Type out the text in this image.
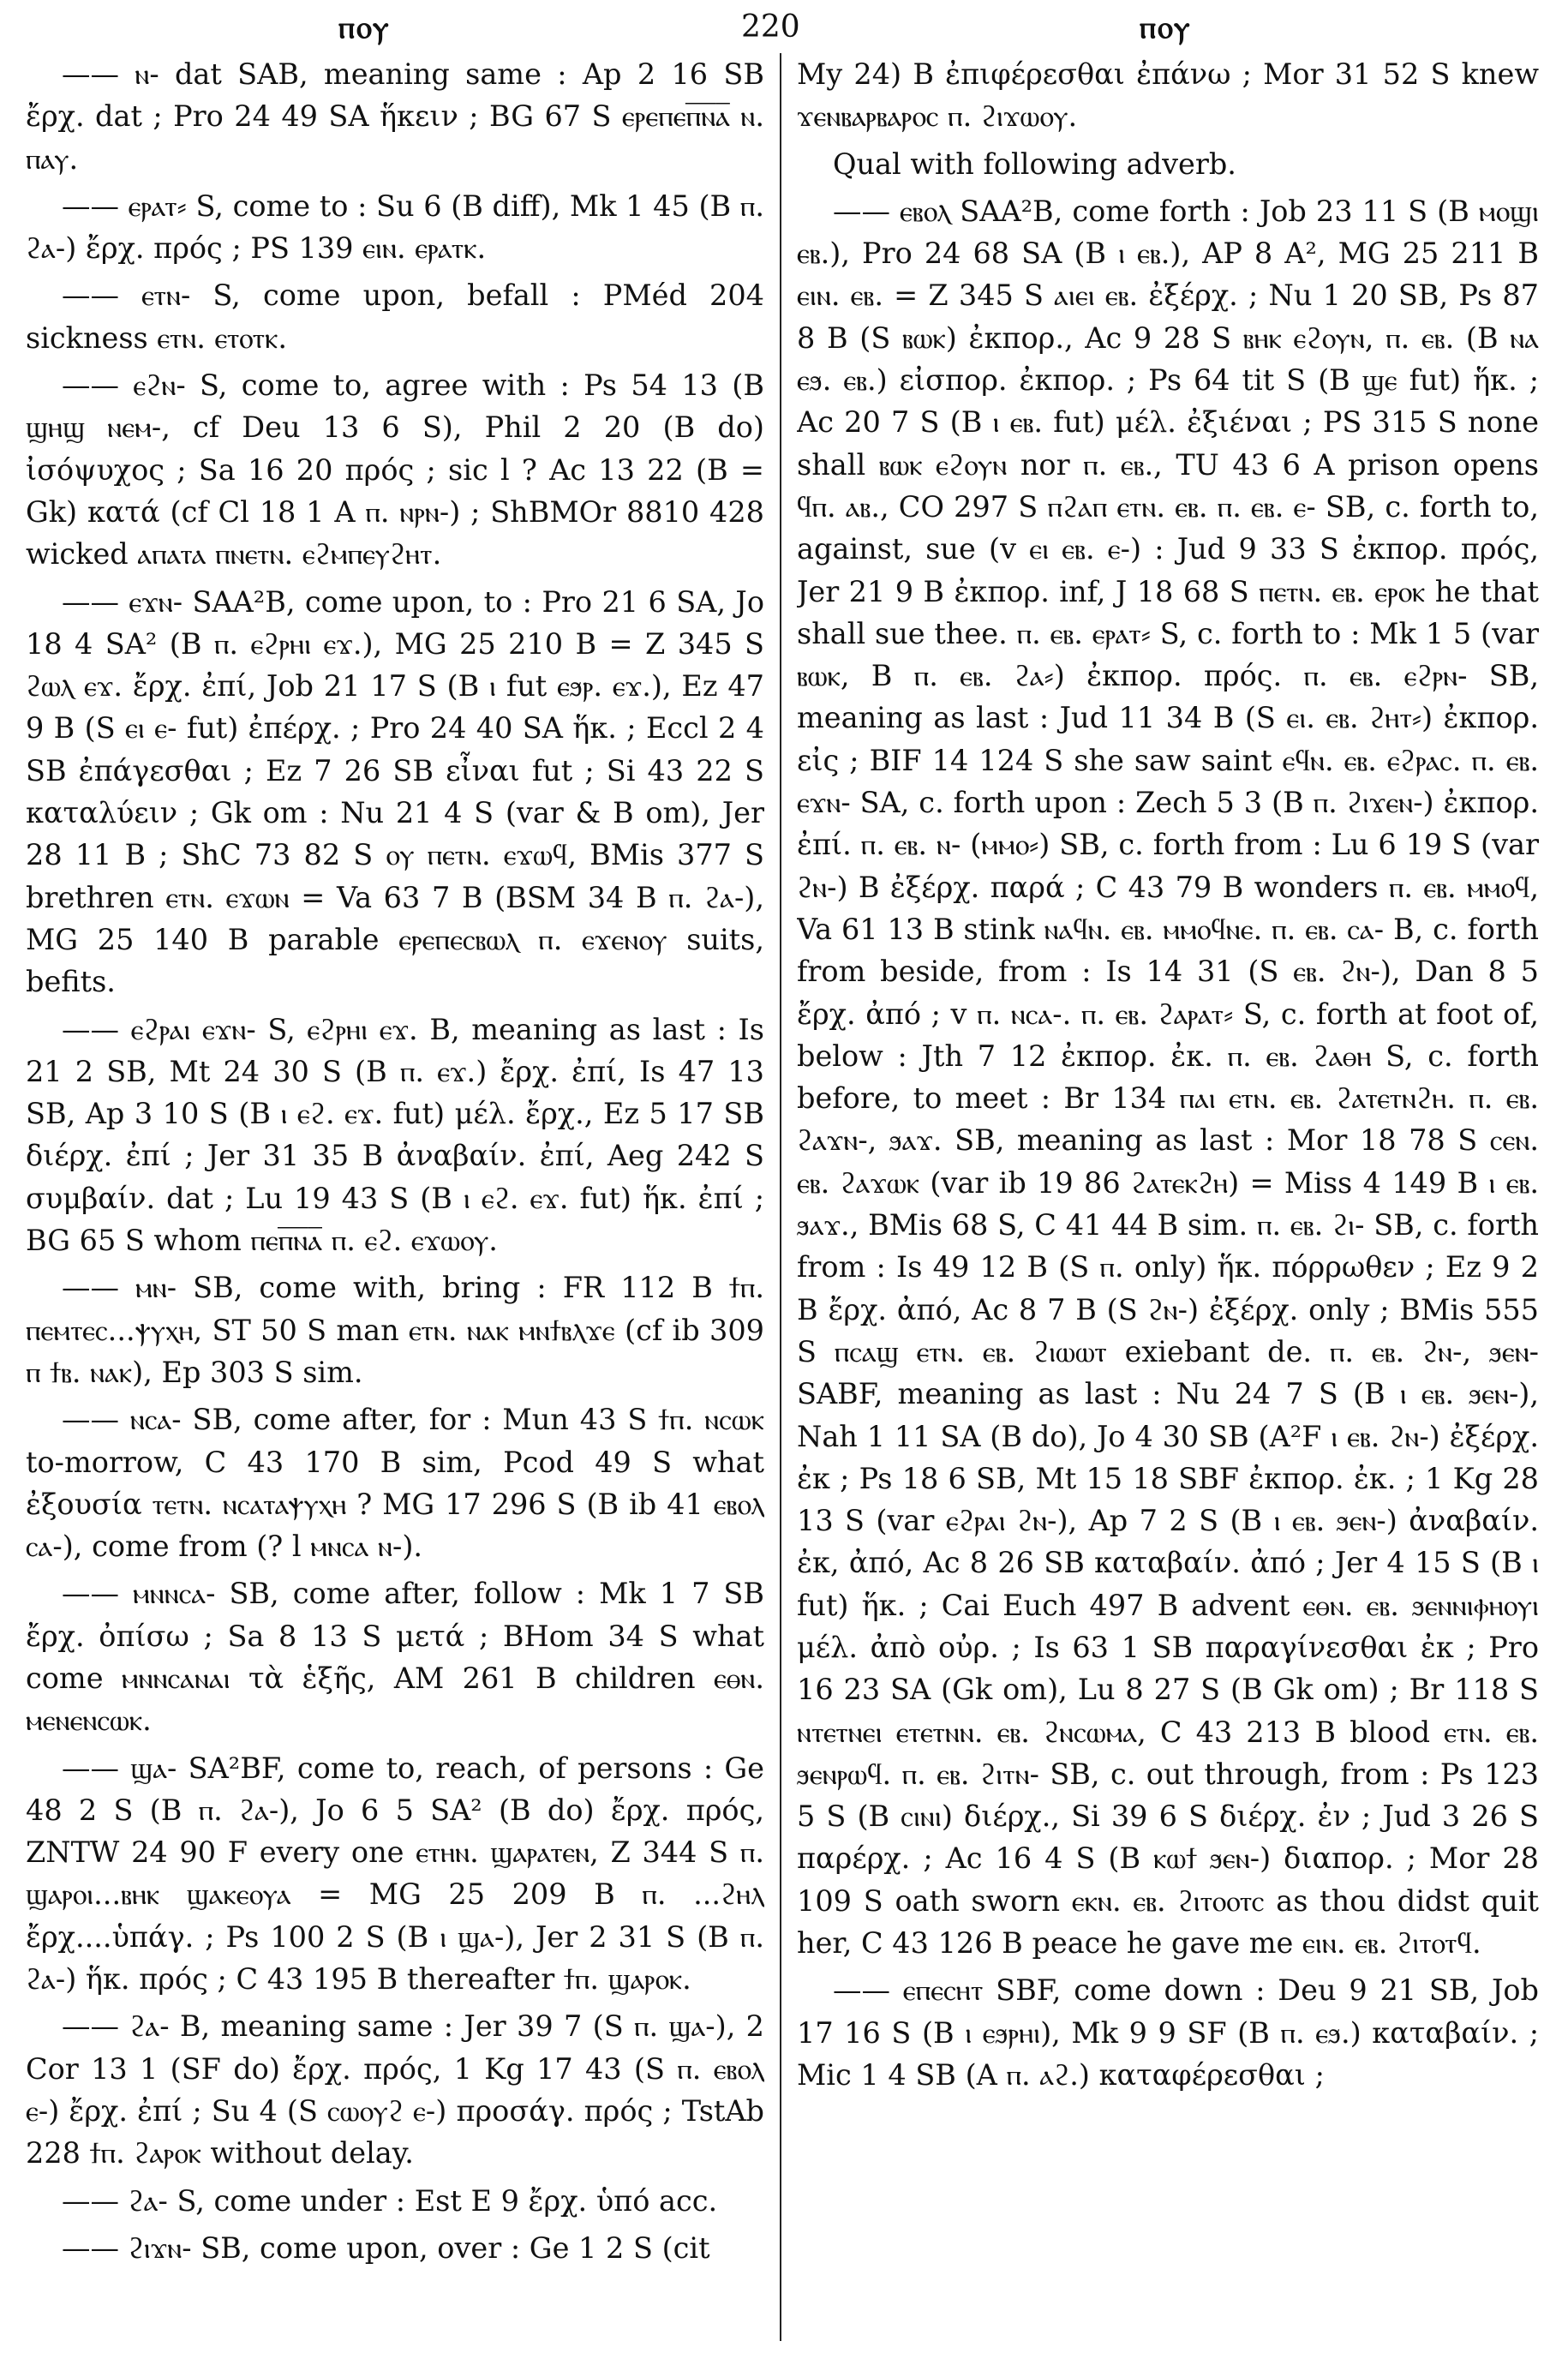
ⲡⲟⲩ	220	ⲡⲟⲩ

—— ⲛ- dat SAB, meaning same : Ap 2 16 SB ἔρχ. dat ; Pro 24 49 SA ἥκειν ; BG 67 S ⲉⲣⲉⲡⲉⲡ̅ⲛ̅ⲁ̅ ⲛ. ⲡⲁⲩ.

—— ⲉⲣⲁⲧ⸗ S, come to : Su 6 (B diff), Mk 1 45 (B ⲡ. ϩⲁ-) ἔρχ. πρός ; PS 139 ⲉⲓⲛ. ⲉⲣⲁⲧⲕ.

—— ⲉⲧⲛ- S, come upon, befall : PMéd 204 sickness ⲉⲧⲛ. ⲉⲧⲟⲧⲕ.

—— ⲉϩⲛ- S, come to, agree with : Ps 54 13 (B ϣⲏϣ ⲛⲉⲙ-, cf Deu 13 6 S), Phil 2 20 (B do) ἰσόψυχος ; Sa 16 20 πρός ; sic l ? Ac 13 22 (B = Gk) κατά (cf Cl 18 1 A ⲡ. ⲛⲣⲛ-) ; ShBMOr 8810 428 wicked ⲁⲡⲁⲧⲁ ⲡⲛⲉⲧⲛ. ⲉϩⲙⲡⲉⲩϩⲏⲧ.

—— ⲉϫⲛ- SAA²B, come upon, to : Pro 21 6 SA, Jo 18 4 SA² (B ⲡ. ⲉϩⲣⲏⲓ ⲉϫ.), MG 25 210 B = Z 345 S ϩⲱⲗ ⲉϫ. ἔρχ. ἐπί, Job 21 17 S (B ⲓ fut ⲉϧⲣ. ⲉϫ.), Ez 47 9 B (S ⲉⲓ ⲉ- fut) ἐπέρχ. ; Pro 24 40 SA ἥκ. ; Eccl 2 4 SB ἐπάγεσθαι ; Ez 7 26 SB εἶναι fut ; Si 43 22 S καταλύειν ; Gk om : Nu 21 4 S (var & B om), Jer 28 11 B ; ShC 73 82 S ⲟⲩ ⲡⲉⲧⲛ. ⲉϫⲱϥ, BMis 377 S brethren ⲉⲧⲛ. ⲉϫⲱⲛ = Va 63 7 B (BSM 34 B ⲡ. ϩⲁ-), MG 25 140 B parable ⲉⲣⲉⲡⲉⲥⲃⲱⲗ ⲡ. ⲉϫⲉⲛⲟⲩ suits, befits.

—— ⲉϩⲣⲁⲓ ⲉϫⲛ- S, ⲉϩⲣⲏⲓ ⲉϫ. B, meaning as last : Is 21 2 SB, Mt 24 30 S (B ⲡ. ⲉϫ.) ἔρχ. ἐπί, Is 47 13 SB, Ap 3 10 S (B ⲓ ⲉϩ. ⲉϫ. fut) μέλ. ἔρχ., Ez 5 17 SB διέρχ. ἐπί ; Jer 31 35 B ἀναβαίν. ἐπί, Aeg 242 S συμβαίν. dat ; Lu 19 43 S (B ⲓ ⲉϩ. ⲉϫ. fut) ἥκ. ἐπί ; BG 65 S whom ⲡⲉⲡ̅ⲛ̅ⲁ̅ ⲡ. ⲉϩ. ⲉϫⲱⲟⲩ.

—— ⲙⲛ- SB, come with, bring : FR 112 B ϯⲡ. ⲡⲉⲙⲧⲉⲥ...ⲯⲩⲭⲏ, ST 50 S man ⲉⲧⲛ. ⲛⲁⲕ ⲙⲛϯⲃⲗϫⲉ (cf ib 309 ⲡ ϯⲃ. ⲛⲁⲕ), Ep 303 S sim.

—— ⲛⲥⲁ- SB, come after, for : Mun 43 S ϯⲡ. ⲛⲥⲱⲕ to-morrow, C 43 170 B sim, Pcod 49 S what ἐξουσία ⲧⲉⲧⲛ. ⲛⲥⲁⲧⲁⲯⲩⲭⲏ ? MG 17 296 S (B ib 41 ⲉⲃⲟⲗ ⲥⲁ-), come from (? l ⲙⲛⲥⲁ ⲛ-).

—— ⲙⲛⲛⲥⲁ- SB, come after, follow : Mk 1 7 SB ἔρχ. ὀπίσω ; Sa 8 13 S μετά ; BHom 34 S what come ⲙⲛⲛⲥⲁⲛⲁⲓ τὰ ἑξῆς, AM 261 B children ⲉⲑⲛ. ⲙⲉⲛⲉⲛⲥⲱⲕ.

—— ϣⲁ- SA²BF, come to, reach, of persons : Ge 48 2 S (B ⲡ. ϩⲁ-), Jo 6 5 SA² (B do) ἔρχ. πρός, ZNTW 24 90 F every one ⲉⲧⲏⲛ. ϣⲁⲣⲁⲧⲉⲛ, Z 344 S ⲡ. ϣⲁⲣⲟⲓ...ⲃⲏⲕ ϣⲁⲕⲉⲟⲩⲁ = MG 25 209 B ⲡ. ...ϩⲏⲗ ἔρχ....ὑπάγ. ; Ps 100 2 S (B ⲓ ϣⲁ-), Jer 2 31 S (B ⲡ. ϩⲁ-) ἥκ. πρός ; C 43 195 B thereafter ϯⲡ. ϣⲁⲣⲟⲕ.

—— ϩⲁ- B, meaning same : Jer 39 7 (S ⲡ. ϣⲁ-), 2 Cor 13 1 (SF do) ἔρχ. πρός, 1 Kg 17 43 (S ⲡ. ⲉⲃⲟⲗ ⲉ-) ἔρχ. ἐπί ; Su 4 (S ⲥⲱⲟⲩϩ ⲉ-) προσάγ. πρός ; TstAb 228 ϯⲡ. ϩⲁⲣⲟⲕ without delay.

—— ϩⲁ- S, come under : Est E 9 ἔρχ. ὑπό acc.

—— ϩⲓϫⲛ- SB, come upon, over : Ge 1 2 S (cit

My 24) B ἐπιφέρεσθαι ἐπάνω ; Mor 31 52 S knew ϫⲉⲛⲃⲁⲣⲃⲁⲣⲟⲥ ⲡ. ϩⲓϫⲱⲟⲩ.

Qual with following adverb.

—— ⲉⲃⲟⲗ SAA²B, come forth : Job 23 11 S (B ⲙⲟϣⲓ ⲉⲃ.), Pro 24 68 SA (B ⲓ ⲉⲃ.), AP 8 A², MG 25 211 B ⲉⲓⲛ. ⲉⲃ. = Z 345 S ⲁⲓⲉⲓ ⲉⲃ. ἐξέρχ. ; Nu 1 20 SB, Ps 87 8 B (S ⲃⲱⲕ) ἐκπορ., Ac 9 28 S ⲃⲏⲕ ⲉϩⲟⲩⲛ, ⲡ. ⲉⲃ. (B ⲛⲁ ⲉϧ. ⲉⲃ.) εἰσπορ. ἐκπορ. ; Ps 64 tit S (B ϣⲉ fut) ἥκ. ; Ac 20 7 S (B ⲓ ⲉⲃ. fut) μέλ. ἐξιέναι ; PS 315 S none shall ⲃⲱⲕ ⲉϩⲟⲩⲛ nor ⲡ. ⲉⲃ., TU 43 6 A prison opens ϥⲡ. ⲁⲃ., CO 297 S ⲡϩⲁⲡ ⲉⲧⲛ. ⲉⲃ. ⲡ. ⲉⲃ. ⲉ- SB, c. forth to, against, sue (v ⲉⲓ ⲉⲃ. ⲉ-) : Jud 9 33 S ἐκπορ. πρός, Jer 21 9 B ἐκπορ. inf, J 18 68 S ⲡⲉⲧⲛ. ⲉⲃ. ⲉⲣⲟⲕ he that shall sue thee. ⲡ. ⲉⲃ. ⲉⲣⲁⲧ⸗ S, c. forth to : Mk 1 5 (var ⲃⲱⲕ, B ⲡ. ⲉⲃ. ϩⲁ⸗) ἐκπορ. πρός. ⲡ. ⲉⲃ. ⲉϩⲣⲛ- SB, meaning as last : Jud 11 34 B (S ⲉⲓ. ⲉⲃ. ϩⲏⲧ⸗) ἐκπορ. εἰς ; BIF 14 124 S she saw saint ⲉϥⲛ. ⲉⲃ. ⲉϩⲣⲁⲥ. ⲡ. ⲉⲃ. ⲉϫⲛ- SA, c. forth upon : Zech 5 3 (B ⲡ. ϩⲓϫⲉⲛ-) ἐκπορ. ἐπί. ⲡ. ⲉⲃ. ⲛ- (ⲙⲙⲟ⸗) SB, c. forth from : Lu 6 19 S (var ϩⲛ-) B ἐξέρχ. παρά ; C 43 79 B wonders ⲡ. ⲉⲃ. ⲙⲙⲟϥ, Va 61 13 B stink ⲛⲁϥⲛ. ⲉⲃ. ⲙⲙⲟϥⲛⲉ. ⲡ. ⲉⲃ. ⲥⲁ- B, c. forth from beside, from : Is 14 31 (S ⲉⲃ. ϩⲛ-), Dan 8 5 ἔρχ. ἀπό ; v ⲡ. ⲛⲥⲁ-. ⲡ. ⲉⲃ. ϩⲁⲣⲁⲧ⸗ S, c. forth at foot of, below : Jth 7 12 ἐκπορ. ἐκ. ⲡ. ⲉⲃ. ϩⲁⲑⲏ S, c. forth before, to meet : Br 134 ⲡⲁⲓ ⲉⲧⲛ. ⲉⲃ. ϩⲁⲧⲉⲧⲛϩⲏ. ⲡ. ⲉⲃ. ϩⲁϫⲛ-, ϧⲁϫ. SB, meaning as last : Mor 18 78 S ⲥⲉⲛ. ⲉⲃ. ϩⲁϫⲱⲕ (var ib 19 86 ϩⲁⲧⲉⲕϩⲏ) = Miss 4 149 B ⲓ ⲉⲃ. ϧⲁϫ., BMis 68 S, C 41 44 B sim. ⲡ. ⲉⲃ. ϩⲓ- SB, c. forth from : Is 49 12 B (S ⲡ. only) ἥκ. πόρρωθεν ; Ez 9 2 B ἔρχ. ἀπό, Ac 8 7 B (S ϩⲛ-) ἐξέρχ. only ; BMis 555 S ⲡⲥⲁϣ ⲉⲧⲛ. ⲉⲃ. ϩⲓⲱⲱⲧ exiebant de. ⲡ. ⲉⲃ. ϩⲛ-, ϧⲉⲛ- SABF, meaning as last : Nu 24 7 S (B ⲓ ⲉⲃ. ϧⲉⲛ-), Nah 1 11 SA (B do), Jo 4 30 SB (A²F ⲓ ⲉⲃ. ϩⲛ-) ἐξέρχ. ἐκ ; Ps 18 6 SB, Mt 15 18 SBF ἐκπορ. ἐκ. ; 1 Kg 28 13 S (var ⲉϩⲣⲁⲓ ϩⲛ-), Ap 7 2 S (B ⲓ ⲉⲃ. ϧⲉⲛ-) ἀναβαίν. ἐκ, ἀπό, Ac 8 26 SB καταβαίν. ἀπό ; Jer 4 15 S (B ⲓ fut) ἥκ. ; Cai Euch 497 B advent ⲉⲑⲛ. ⲉⲃ. ϧⲉⲛⲛⲓⲫⲏⲟⲩⲓ μέλ. ἀπὸ οὐρ. ; Is 63 1 SB παραγίνεσθαι ἐκ ; Pro 16 23 SA (Gk om), Lu 8 27 S (B Gk om) ; Br 118 S ⲛⲧⲉⲧⲛⲉⲓ ⲉⲧⲉⲧⲛⲛ. ⲉⲃ. ϩⲛⲥⲱⲙⲁ, C 43 213 B blood ⲉⲧⲛ. ⲉⲃ. ϧⲉⲛⲣⲱϥ. ⲡ. ⲉⲃ. ϩⲓⲧⲛ- SB, c. out through, from : Ps 123 5 S (B ⲥⲓⲛⲓ) διέρχ., Si 39 6 S διέρχ. ἐν ; Jud 3 26 S παρέρχ. ; Ac 16 4 S (B ⲕⲱϯ ϧⲉⲛ-) διαπορ. ; Mor 28 109 S oath sworn ⲉⲕⲛ. ⲉⲃ. ϩⲓⲧⲟⲟⲧⲥ as thou didst quit her, C 43 126 B peace he gave me ⲉⲓⲛ. ⲉⲃ. ϩⲓⲧⲟⲧϥ.

—— ⲉⲡⲉⲥⲏⲧ SBF, come down : Deu 9 21 SB, Job 17 16 S (B ⲓ ⲉϧⲣⲏⲓ), Mk 9 9 SF (B ⲡ. ⲉϧ.) καταβαίν. ; Mic 1 4 SB (A ⲡ. ⲁϩ.) καταφέρεσθαι ;
